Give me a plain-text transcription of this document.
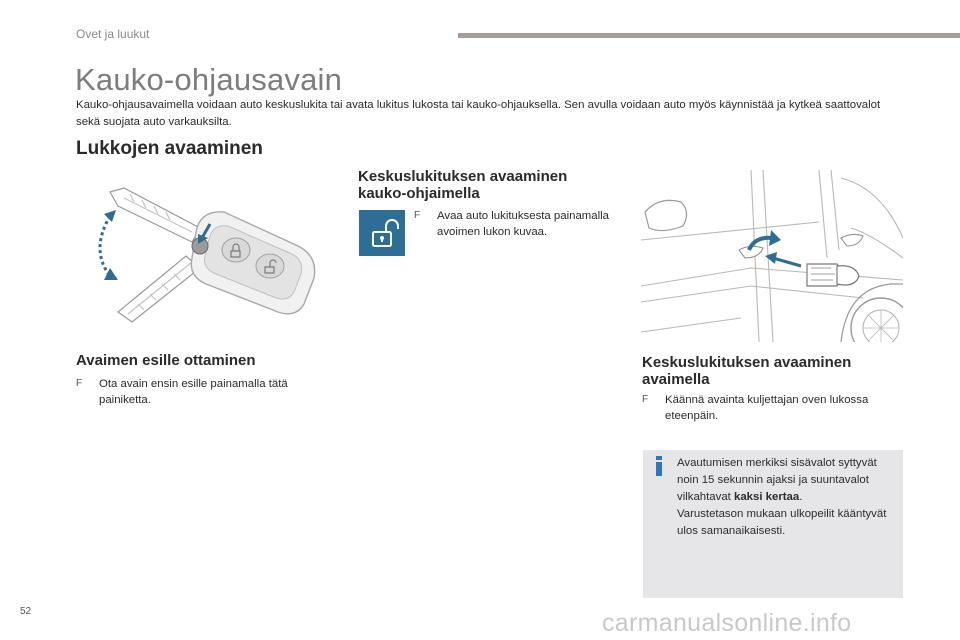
Ovet ja luukut
Kauko-ohjausavain
Kauko-ohjausavaimella voidaan auto keskuslukita tai avata lukitus lukosta tai kauko-ohjauksella. Sen avulla voidaan auto myös käynnistää ja kytkeä saattovalot sekä suojata auto varkauksilta.
Lukkojen avaaminen
Avaimen esille ottaminen
F	Ota avain ensin esille painamalla tätä painiketta.
Keskuslukituksen avaaminen
kauko-ohjaimella
F	Avaa auto lukituksesta painamalla avoimen lukon kuvaa.
Keskuslukituksen avaaminen
avaimella
F	Käännä avainta kuljettajan oven lukossa eteenpäin.
Avautumisen merkiksi sisävalot syttyvät noin 15 sekunnin ajaksi ja suuntavalot vilkahtavat kaksi kertaa.
Varustetason mukaan ulkopeilit kääntyvät ulos samanaikaisesti.
52	carmanualsonline.info
